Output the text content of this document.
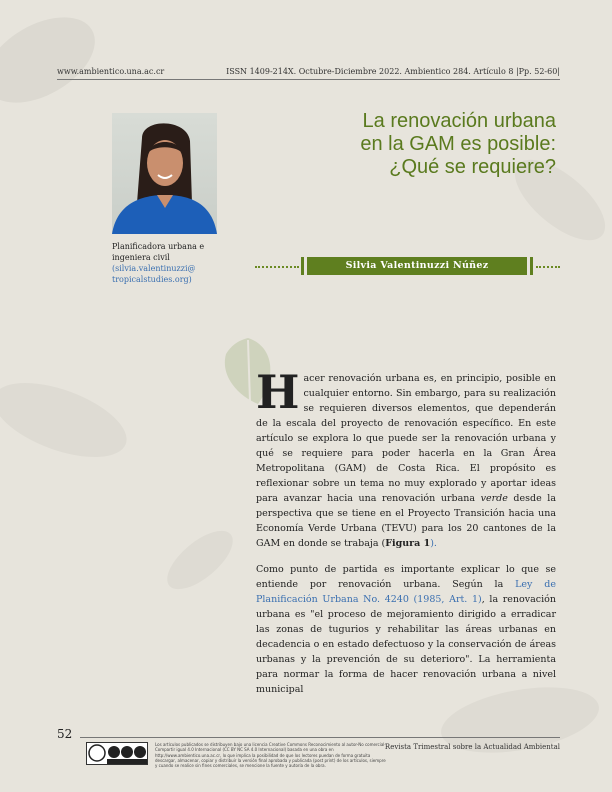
www.ambientico.una.ac.cr	ISSN 1409-214X. Octubre-Diciembre 2022. Ambientico 284. Artículo 8 |Pp. 52-60|
Planificadora urbana e
ingeniera civil
(silvia.valentinuzzi@
tropicalstudies.org)
La renovación urbana
en la GAM es posible:
¿Qué se requiere?
Silvia Valentinuzzi Núñez

Hacer renovación urbana es, en principio, posible en cualquier entorno. Sin embargo, para su realización se requieren diversos elementos, que dependerán de la escala del proyecto de renovación específico. En este artículo se explora lo que puede ser la renovación urbana y qué se requiere para poder hacerla en la Gran Área Metropolitana (GAM) de Costa Rica. El propósito es reflexionar sobre un tema no muy explorado y aportar ideas para avanzar hacia una renovación urbana verde desde la perspectiva que se tiene en el Proyecto Transición hacia una Economía Verde Urbana (TEVU) para los 20 cantones de la GAM en donde se trabaja (Figura 1).

Como punto de partida es importante explicar lo que se entiende por renovación urbana. Según la Ley de Planificación Urbana No. 4240 (1985, Art. 1), la renovación urbana es "el proceso de mejoramiento dirigido a erradicar las zonas de tugurios y rehabilitar las áreas urbanas en decadencia o en estado defectuoso y la conservación de áreas urbanas y la prevención de su deterioro". La herramienta para normar la forma de hacer renovación urbana a nivel municipal

52
Los artículos publicados se distribuyen bajo una licencia Creative Commons Reconocimiento al autor-No comercial-Compartir igual 4.0 Internacional (CC BY NC SA 4.0 Internacional) basada en una obra en http://www.ambientico.una.ac.cr, lo que implica la posibilidad de que los lectores puedan de forma gratuita descargar, almacenar, copiar y distribuir la versión final aprobada y publicada (post print) de los artículos, siempre y cuando se realice sin fines comerciales, se mencione la fuente y autoría de la obra.
Revista Trimestral sobre la Actualidad Ambiental
